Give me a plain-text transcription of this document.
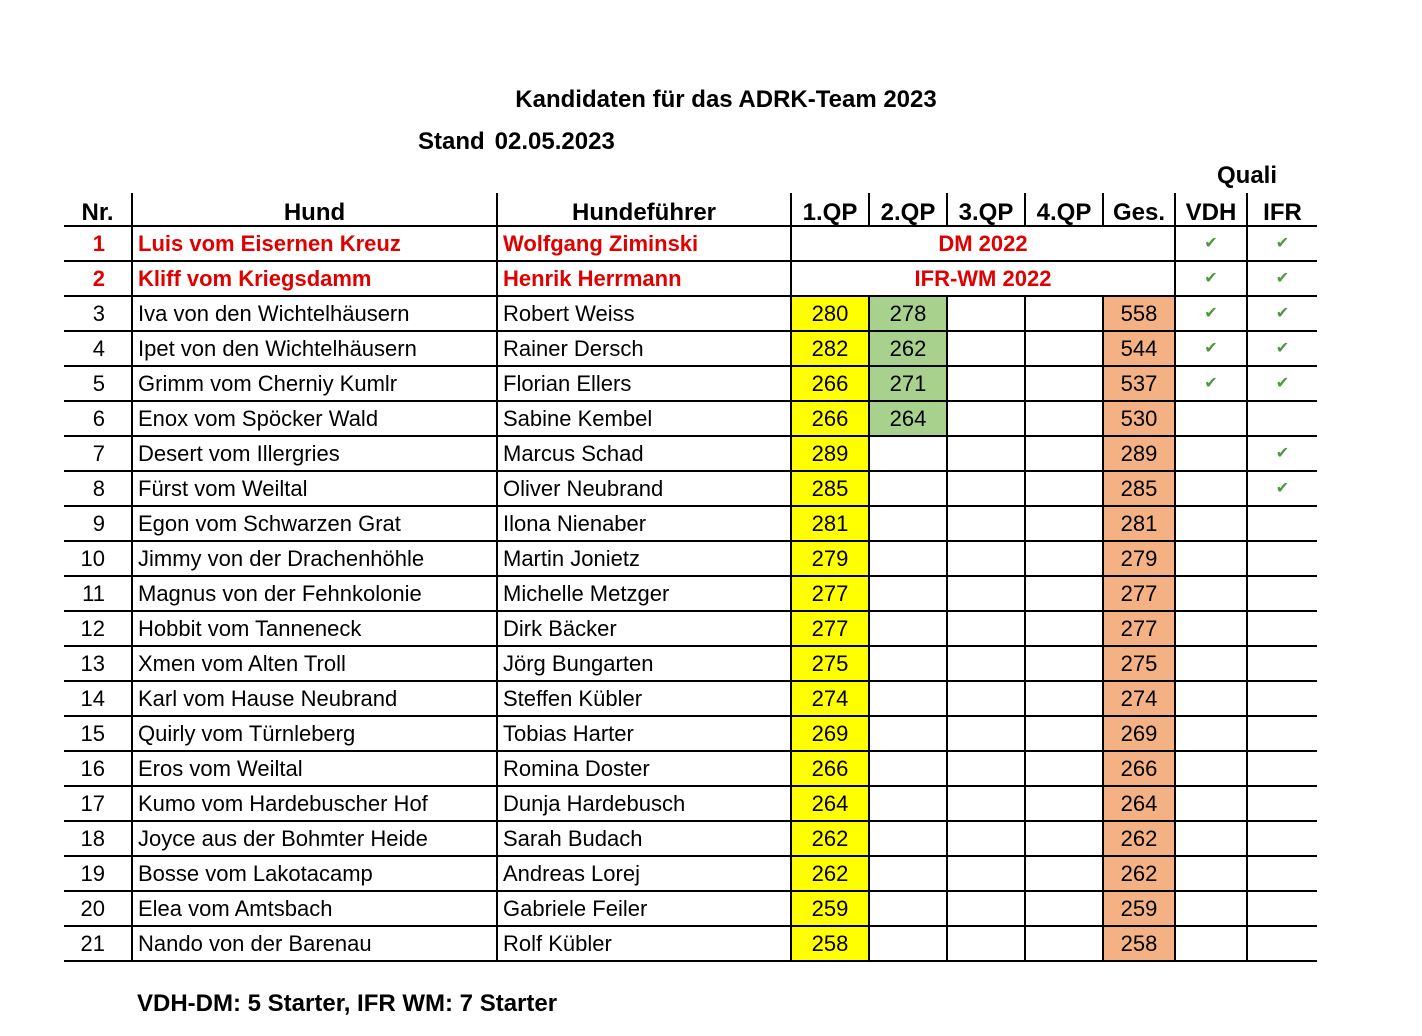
Kandidaten für das ADRK-Team 2023
Stand 02.05.2023
Quali
Nr.	Hund	Hundeführer	1.QP	2.QP	3.QP	4.QP	Ges.	VDH	IFR
1	Luis vom Eisernen Kreuz	Wolfgang Ziminski	DM 2022					✔	✔
2	Kliff vom Kriegsdamm	Henrik Herrmann	IFR-WM 2022					✔	✔
3	Iva von den Wichtelhäusern	Robert Weiss	280	278			558	✔	✔
4	Ipet von den Wichtelhäusern	Rainer Dersch	282	262			544	✔	✔
5	Grimm vom Cherniy Kumlr	Florian Ellers	266	271			537	✔	✔
6	Enox vom Spöcker Wald	Sabine Kembel	266	264			530		
7	Desert vom Illergries	Marcus Schad	289				289		✔
8	Fürst vom Weiltal	Oliver Neubrand	285				285		✔
9	Egon vom Schwarzen Grat	Ilona Nienaber	281				281		
10	Jimmy von der Drachenhöhle	Martin Jonietz	279				279		
11	Magnus von der Fehnkolonie	Michelle Metzger	277				277		
12	Hobbit vom Tanneneck	Dirk Bäcker	277				277		
13	Xmen vom Alten Troll	Jörg Bungarten	275				275		
14	Karl vom Hause Neubrand	Steffen Kübler	274				274		
15	Quirly vom Türnleberg	Tobias Harter	269				269		
16	Eros vom Weiltal	Romina Doster	266				266		
17	Kumo vom Hardebuscher Hof	Dunja Hardebusch	264				264		
18	Joyce aus der Bohmter Heide	Sarah Budach	262				262		
19	Bosse vom Lakotacamp	Andreas Lorej	262				262		
20	Elea vom Amtsbach	Gabriele Feiler	259				259		
21	Nando von der Barenau	Rolf Kübler	258				258		
VDH-DM: 5 Starter, IFR WM: 7 Starter
